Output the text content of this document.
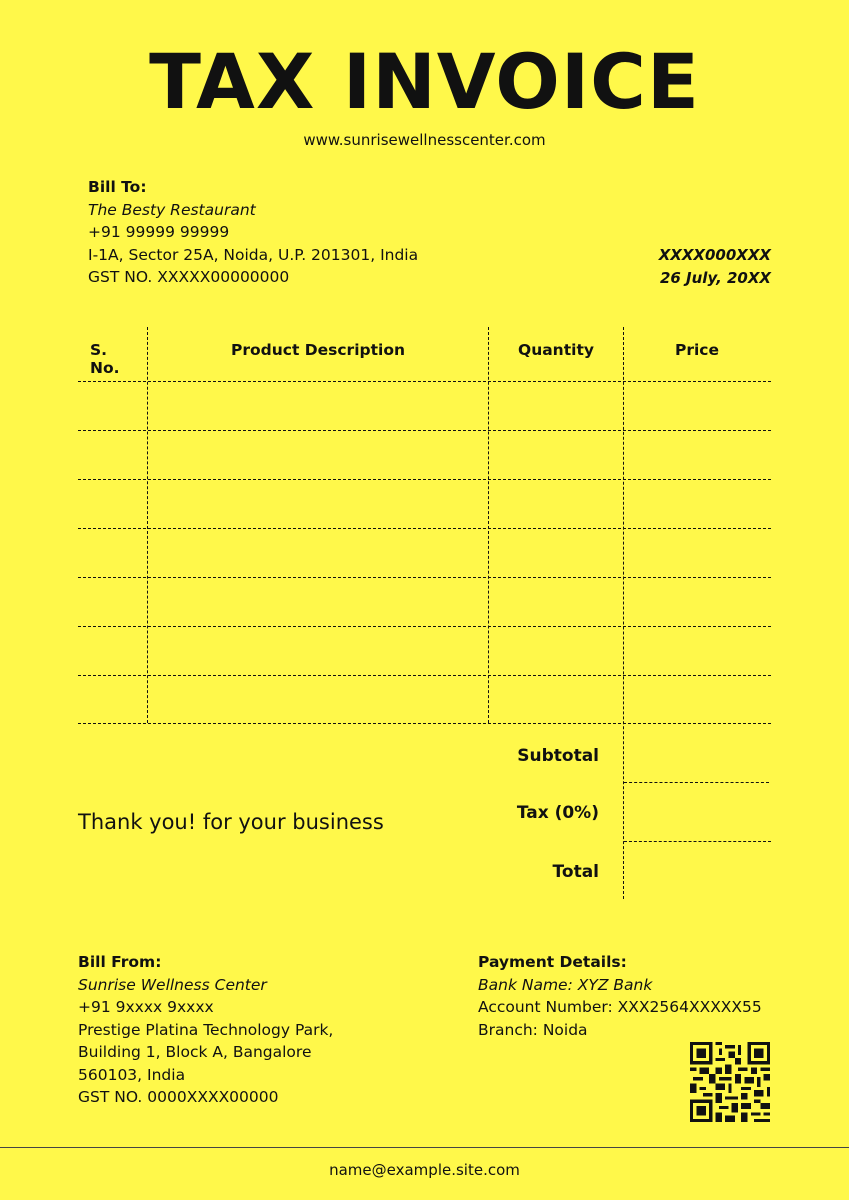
TAX INVOICE
www.sunrisewellnesscenter.com
Bill To:
The Besty Restaurant
+91 99999 99999
I-1A, Sector 25A, Noida, U.P. 201301, India
GST NO. XXXXX00000000
XXXX000XXX
26 July, 20XX
S. No.
Product Description	Quantity	Price
Subtotal
Tax (0%)
Total
Thank you! for your business
Bill From:
Sunrise Wellness Center
+91 9xxxx 9xxxx
Prestige Platina Technology Park,
Building 1, Block A, Bangalore
560103, India
GST NO. 0000XXXX00000
Payment Details:
Bank Name: XYZ Bank
Account Number: XXX2564XXXXX55
Branch: Noida
name@example.site.com
